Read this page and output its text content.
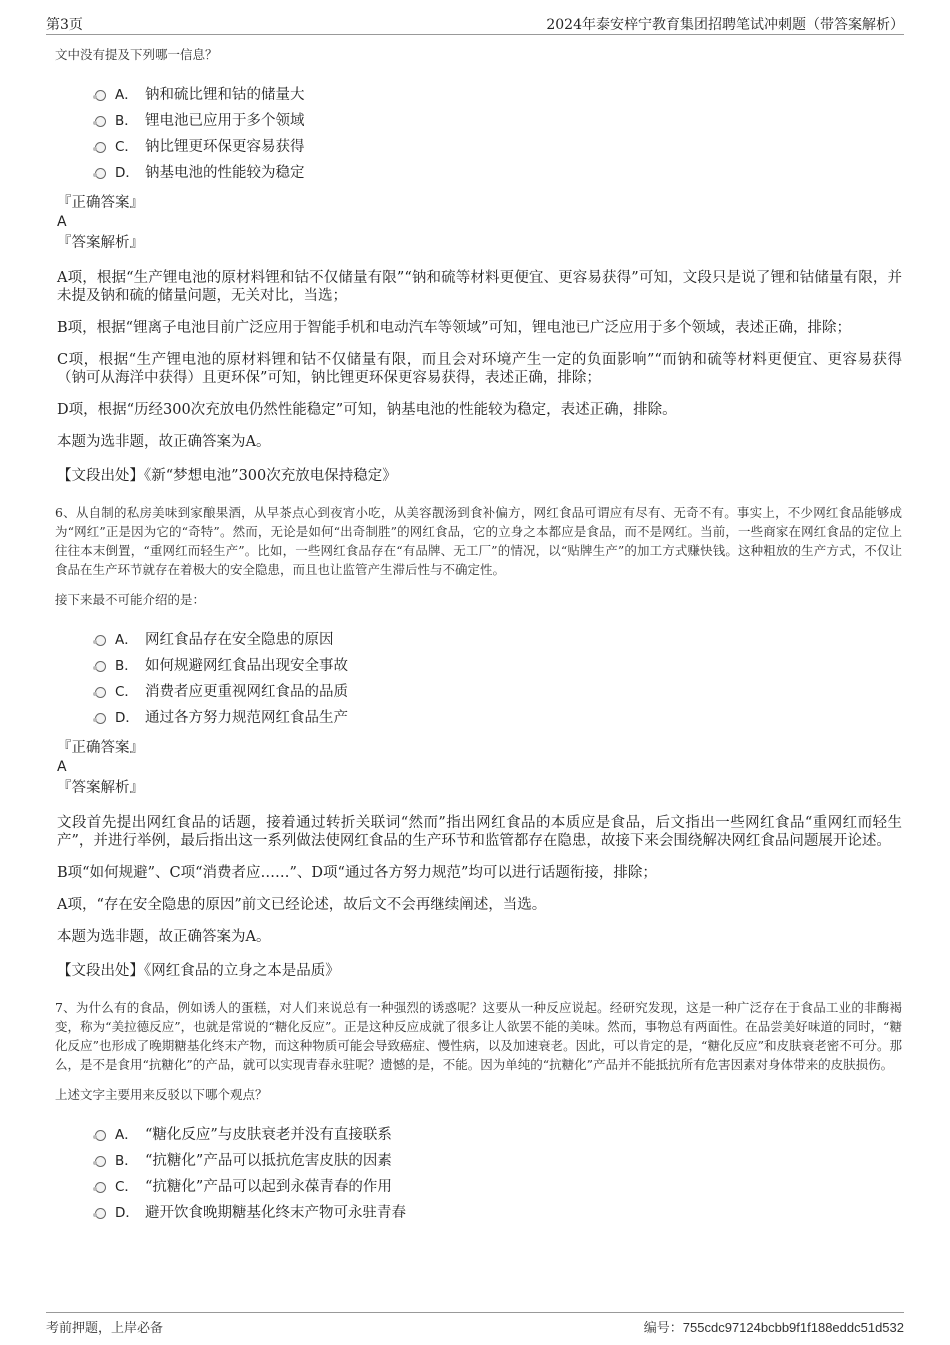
第3页	2024年泰安梓宁教育集团招聘笔试冲刺题（带答案解析）
文中没有提及下列哪一信息？
A． 钠和硫比锂和钴的储量大
B． 锂电池已应用于多个领域
C． 钠比锂更环保更容易获得
D． 钠基电池的性能较为稳定
『正确答案』
A
『答案解析』

A项，根据“生产锂电池的原材料锂和钴不仅储量有限”“钠和硫等材料更便宜、更容易获得”可知，文段只是说了锂和钴储量有限，并未提及钠和硫的储量问题，无关对比，当选；

B项，根据“锂离子电池目前广泛应用于智能手机和电动汽车等领域”可知，锂电池已广泛应用于多个领域，表述正确，排除；

C项，根据“生产锂电池的原材料锂和钴不仅储量有限，而且会对环境产生一定的负面影响”“而钠和硫等材料更便宜、更容易获得（钠可从海洋中获得）且更环保”可知，钠比锂更环保更容易获得，表述正确，排除；

D项，根据“历经300次充放电仍然性能稳定”可知，钠基电池的性能较为稳定，表述正确，排除。

本题为选非题，故正确答案为A。

【文段出处】《新“梦想电池”300次充放电保持稳定》
6、从自制的私房美味到家酿果酒，从早茶点心到夜宵小吃，从美容靓汤到食补偏方，网红食品可谓应有尽有、无奇不有。事实上，不少网红食品能够成为“网红”正是因为它的“奇特”。然而，无论是如何“出奇制胜”的网红食品，它的立身之本都应是食品，而不是网红。当前，一些商家在网红食品的定位上往往本末倒置，“重网红而轻生产”。比如，一些网红食品存在“有品牌、无工厂”的情况，以“贴牌生产”的加工方式赚快钱。这种粗放的生产方式，不仅让食品在生产环节就存在着极大的安全隐患，而且也让监管产生滞后性与不确定性。
接下来最不可能介绍的是：
A． 网红食品存在安全隐患的原因
B． 如何规避网红食品出现安全事故
C． 消费者应更重视网红食品的品质
D． 通过各方努力规范网红食品生产
『正确答案』
A
『答案解析』

文段首先提出网红食品的话题，接着通过转折关联词“然而”指出网红食品的本质应是食品，后文指出一些网红食品“重网红而轻生产”，并进行举例，最后指出这一系列做法使网红食品的生产环节和监管都存在隐患，故接下来会围绕解决网红食品问题展开论述。

B项“如何规避”、C项“消费者应……”、D项“通过各方努力规范”均可以进行话题衔接，排除；

A项，“存在安全隐患的原因”前文已经论述，故后文不会再继续阐述，当选。

本题为选非题，故正确答案为A。

【文段出处】《网红食品的立身之本是品质》
7、为什么有的食品，例如诱人的蛋糕，对人们来说总有一种强烈的诱惑呢？这要从一种反应说起。经研究发现，这是一种广泛存在于食品工业的非酶褐变，称为“美拉德反应”，也就是常说的“糖化反应”。正是这种反应成就了很多让人欲罢不能的美味。然而，事物总有两面性。在品尝美好味道的同时，“糖化反应”也形成了晚期糖基化终末产物，而这种物质可能会导致癌症、慢性病，以及加速衰老。因此，可以肯定的是，“糖化反应”和皮肤衰老密不可分。那么，是不是食用“抗糖化”的产品，就可以实现青春永驻呢？遗憾的是，不能。因为单纯的“抗糖化”产品并不能抵抗所有危害因素对身体带来的皮肤损伤。
上述文字主要用来反驳以下哪个观点？
A． “糖化反应”与皮肤衰老并没有直接联系
B． “抗糖化”产品可以抵抗危害皮肤的因素
C． “抗糖化”产品可以起到永葆青春的作用
D． 避开饮食晚期糖基化终末产物可永驻青春
考前押题，上岸必备	编号：755cdc97124bcbb9f1f188eddc51d532
